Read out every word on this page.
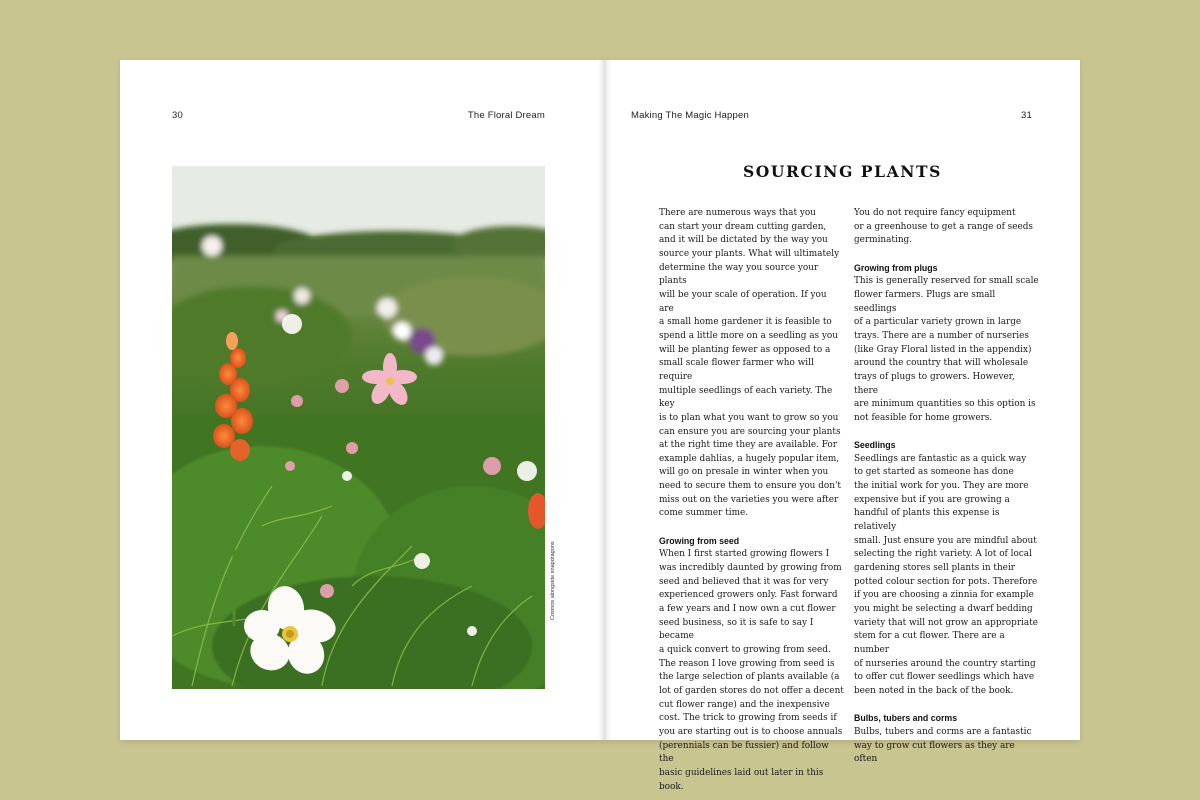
30	The Floral Dream
Cosmos alongside snapdragons
Making The Magic Happen	31
SOURCING PLANTS

There are numerous ways that you
can start your dream cutting garden,
and it will be dictated by the way you
source your plants. What will ultimately
determine the way you source your plants
will be your scale of operation. If you are
a small home gardener it is feasible to
spend a little more on a seedling as you
will be planting fewer as opposed to a
small scale flower farmer who will require
multiple seedlings of each variety. The key
is to plan what you want to grow so you
can ensure you are sourcing your plants
at the right time they are available. For
example dahlias, a hugely popular item,
will go on presale in winter when you
need to secure them to ensure you don't
miss out on the varieties you were after
come summer time.

Growing from seed

When I first started growing flowers I
was incredibly daunted by growing from
seed and believed that it was for very
experienced growers only. Fast forward
a few years and I now own a cut flower
seed business, so it is safe to say I became
a quick convert to growing from seed.
The reason I love growing from seed is
the large selection of plants available (a
lot of garden stores do not offer a decent
cut flower range) and the inexpensive
cost. The trick to growing from seeds if
you are starting out is to choose annuals
(perennials can be fussier) and follow the
basic guidelines laid out later in this book.

You do not require fancy equipment
or a greenhouse to get a range of seeds
germinating.

Growing from plugs

This is generally reserved for small scale
flower farmers. Plugs are small seedlings
of a particular variety grown in large
trays. There are a number of nurseries
(like Gray Floral listed in the appendix)
around the country that will wholesale
trays of plugs to growers. However, there
are minimum quantities so this option is
not feasible for home growers.

Seedlings

Seedlings are fantastic as a quick way
to get started as someone has done
the initial work for you. They are more
expensive but if you are growing a
handful of plants this expense is relatively
small. Just ensure you are mindful about
selecting the right variety. A lot of local
gardening stores sell plants in their
potted colour section for pots. Therefore
if you are choosing a zinnia for example
you might be selecting a dwarf bedding
variety that will not grow an appropriate
stem for a cut flower. There are a number
of nurseries around the country starting
to offer cut flower seedlings which have
been noted in the back of the book.

Bulbs, tubers and corms

Bulbs, tubers and corms are a fantastic
way to grow cut flowers as they are often
